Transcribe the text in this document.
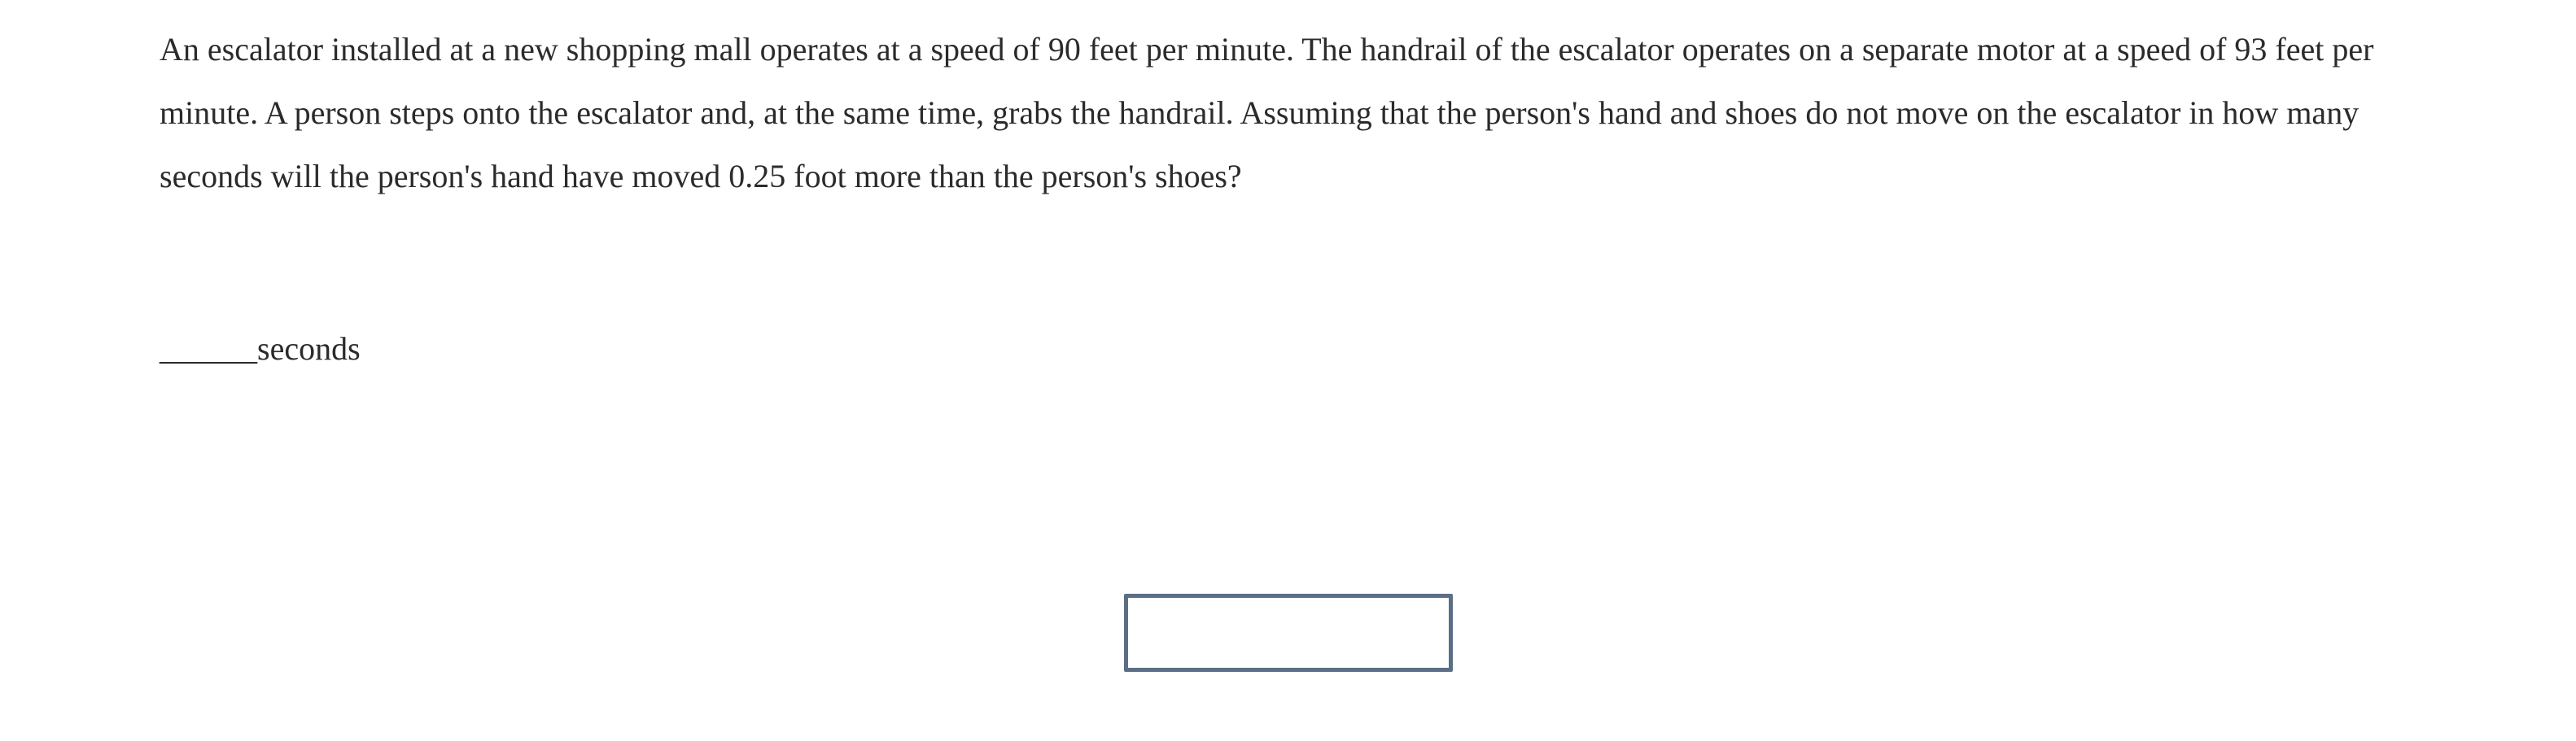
An escalator installed at a new shopping mall operates at a speed of 90 feet per minute. The handrail of the escalator operates on a separate motor at a speed of 93 feet per minute. A person steps onto the escalator and, at the same time, grabs the handrail. Assuming that the person's hand and shoes do not move on the escalator in how many seconds will the person's hand have moved 0.25 foot more than the person's shoes?
______seconds
